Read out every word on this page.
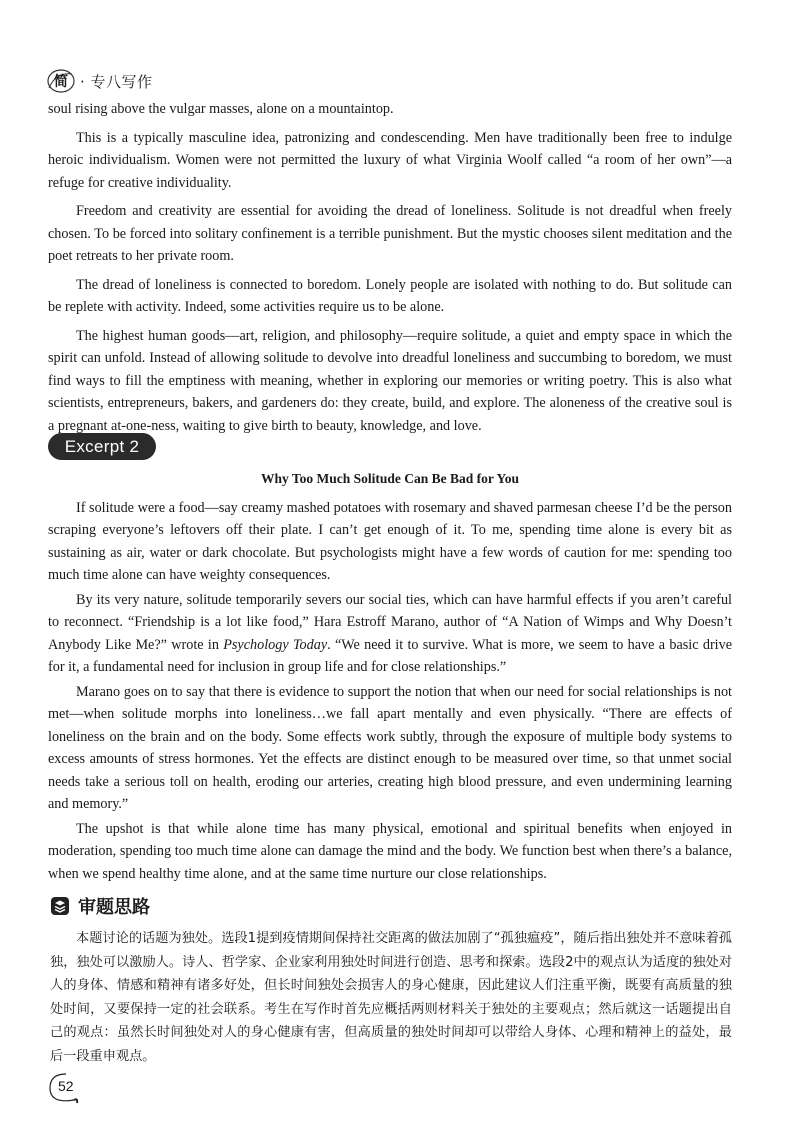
简 · 专八写作

soul rising above the vulgar masses, alone on a mountaintop.

This is a typically masculine idea, patronizing and condescending. Men have traditionally been free to indulge heroic individualism. Women were not permitted the luxury of what Virginia Woolf called “a room of her own”—a refuge for creative individuality.

Freedom and creativity are essential for avoiding the dread of loneliness. Solitude is not dreadful when freely chosen. To be forced into solitary confinement is a terrible punishment. But the mystic chooses silent meditation and the poet retreats to her private room.

The dread of loneliness is connected to boredom. Lonely people are isolated with nothing to do. But solitude can be replete with activity. Indeed, some activities require us to be alone.

The highest human goods—art, religion, and philosophy—require solitude, a quiet and empty space in which the spirit can unfold. Instead of allowing solitude to devolve into dreadful loneliness and succumbing to boredom, we must find ways to fill the emptiness with meaning, whether in exploring our memories or writing poetry. This is also what scientists, entrepreneurs, bakers, and gardeners do: they create, build, and explore. The aloneness of the creative soul is a pregnant at-one-ness, waiting to give birth to beauty, knowledge, and love.

Excerpt 2
Why Too Much Solitude Can Be Bad for You

If solitude were a food—say creamy mashed potatoes with rosemary and shaved parmesan cheese I’d be the person scraping everyone’s leftovers off their plate. I can’t get enough of it. To me, spending time alone is every bit as sustaining as air, water or dark chocolate. But psychologists might have a few words of caution for me: spending too much time alone can have weighty consequences.

By its very nature, solitude temporarily severs our social ties, which can have harmful effects if you aren’t careful to reconnect. “Friendship is a lot like food,” Hara Estroff Marano, author of “A Nation of Wimps and Why Doesn’t Anybody Like Me?” wrote in Psychology Today. “We need it to survive. What is more, we seem to have a basic drive for it, a fundamental need for inclusion in group life and for close relationships.”

Marano goes on to say that there is evidence to support the notion that when our need for social relationships is not met—when solitude morphs into loneliness…we fall apart mentally and even physically. “There are effects of loneliness on the brain and on the body. Some effects work subtly, through the exposure of multiple body systems to excess amounts of stress hormones. Yet the effects are distinct enough to be measured over time, so that unmet social needs take a serious toll on health, eroding our arteries, creating high blood pressure, and even undermining learning and memory.”

The upshot is that while alone time has many physical, emotional and spiritual benefits when enjoyed in moderation, spending too much time alone can damage the mind and the body. We function best when there’s a balance, when we spend healthy time alone, and at the same time nurture our close relationships.

审题思路
本题讨论的话题为独处。选段1提到疫情期间保持社交距离的做法加剧了“孤独瘟疫”，随后指出独处并不意味着孤独，独处可以激励人。诗人、哲学家、企业家利用独处时间进行创造、思考和探索。选段2中的观点认为适度的独处对人的身体、情感和精神有诸多好处，但长时间独处会损害人的身心健康，因此建议人们注重平衡，既要有高质量的独处时间，又要保持一定的社会联系。考生在写作时首先应概括两则材料关于独处的主要观点；然后就这一话题提出自己的观点：虽然长时间独处对人的身心健康有害，但高质量的独处时间却可以带给人身体、心理和精神上的益处，最后一段重申观点。
52
